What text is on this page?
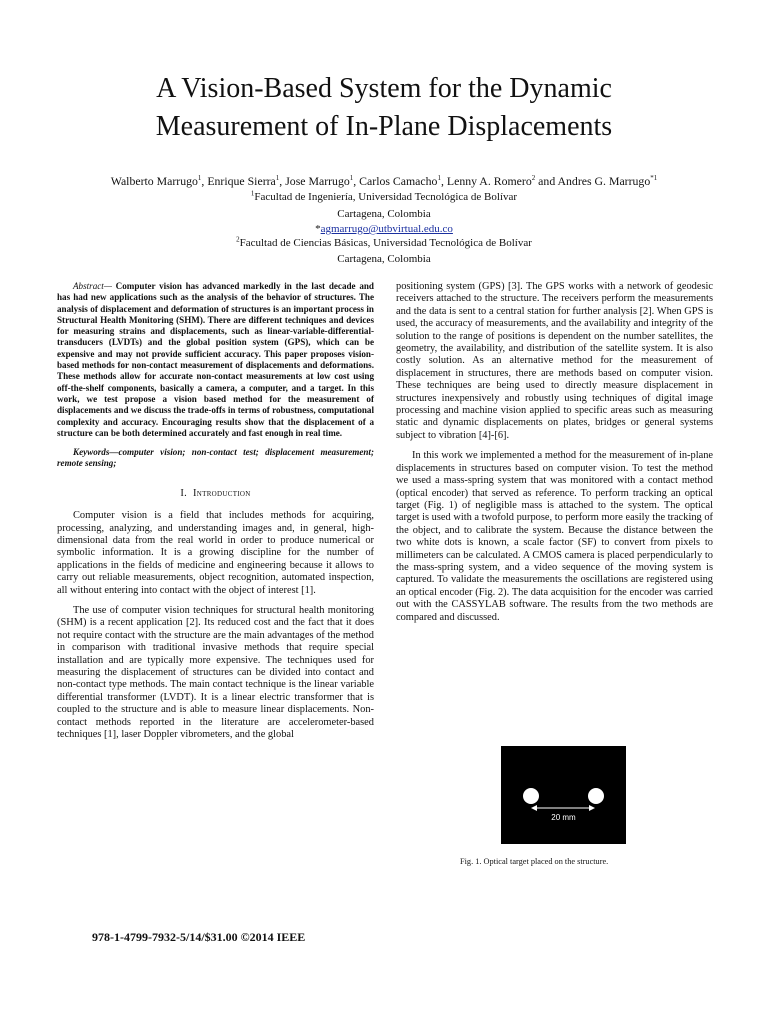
A Vision-Based System for the Dynamic
Measurement of In-Plane Displacements
Walberto Marrugo$^1$, Enrique Sierra$^1$, Jose Marrugo$^1$, Carlos Camacho$^1$, Lenny A. Romero$^2$ and Andres G. Marrugo$^{*1}$
$^1$Facultad de Ingeniería, Universidad Tecnológica de Bolívar
Cartagena, Colombia
*agmarrugo@utbvirtual.edu.co
$^2$Facultad de Ciencias Básicas, Universidad Tecnológica de Bolívar
Cartagena, Colombia

Abstract— Computer vision has advanced markedly in the last decade and has had new applications such as the analysis of the behavior of structures. The analysis of displacement and deformation of structures is an important process in Structural Health Monitoring (SHM). There are different techniques and devices for measuring strains and displacements, such as linear-variable-differential-transducers (LVDTs) and the global position system (GPS), which can be expensive and may not provide sufficient accuracy. This paper proposes vision-based methods for non-contact measurement of displacements and deformations. These methods allow for accurate non-contact measurements at low cost using off-the-shelf components, basically a camera, a computer, and a target. In this work, we test propose a vision based method for the measurement of displacements and we discuss the trade-offs in terms of robustness, computational complexity and accuracy. Encouraging results show that the displacement of a structure can be both determined accurately and fast enough in real time.

Keywords—computer vision; non-contact test; displacement measurement; remote sensing;

I. Introduction

Computer vision is a field that includes methods for acquiring, processing, analyzing, and understanding images and, in general, high-dimensional data from the real world in order to produce numerical or symbolic information. It is a growing discipline for the number of applications in the fields of medicine and engineering because it allows to carry out reliable measurements, object recognition, automated inspection, all without entering into contact with the object of interest [1].

The use of computer vision techniques for structural health monitoring (SHM) is a recent application [2]. Its reduced cost and the fact that it does not require contact with the structure are the main advantages of the method in comparison with traditional invasive methods that require special installation and are typically more expensive. The techniques used for measuring the displacement of structures can be divided into contact and non-contact type methods. The main contact technique is the linear variable differential transformer (LVDT). It is a linear electric transformer that is coupled to the structure and is able to measure linear displacements. Non-contact methods reported in the literature are accelerometer-based techniques [1], laser Doppler vibrometers, and the global

positioning system (GPS) [3]. The GPS works with a network of geodesic receivers attached to the structure. The receivers perform the measurements and the data is sent to a central station for further analysis [2]. When GPS is used, the accuracy of measurements, and the availability and integrity of the solution to the range of positions is dependent on the number satellites, the geometry, the availability, and distribution of the satellite system. It is also costly solution. As an alternative method for the measurement of displacement in structures, there are methods based on computer vision. These techniques are being used to directly measure displacement in structures inexpensively and robustly using techniques of digital image processing and machine vision applied to specific areas such as measuring static and dynamic displacements on plates, bridges or general systems subject to vibration [4]-[6].

In this work we implemented a method for the measurement of in-plane displacements in structures based on computer vision. To test the method we used a mass-spring system that was monitored with a contact method (optical encoder) that served as reference. To perform tracking an optical target (Fig. 1) of negligible mass is attached to the system. The optical target is used with a twofold purpose, to perform more easily the tracking of the object, and to calibrate the system. Because the distance between the two white dots is known, a scale factor (SF) to convert from pixels to millimeters can be calculated. A CMOS camera is placed perpendicularly to the mass-spring system, and a video sequence of the moving system is captured. To validate the measurements the oscillations are registered using an optical encoder (Fig. 2). The data acquisition for the encoder was carried out with the CASSYLAB software. The results from the two methods are compared and discussed.

20 mm
Fig. 1. Optical target placed on the structure.
978-1-4799-7932-5/14/$31.00 ©2014 IEEE
